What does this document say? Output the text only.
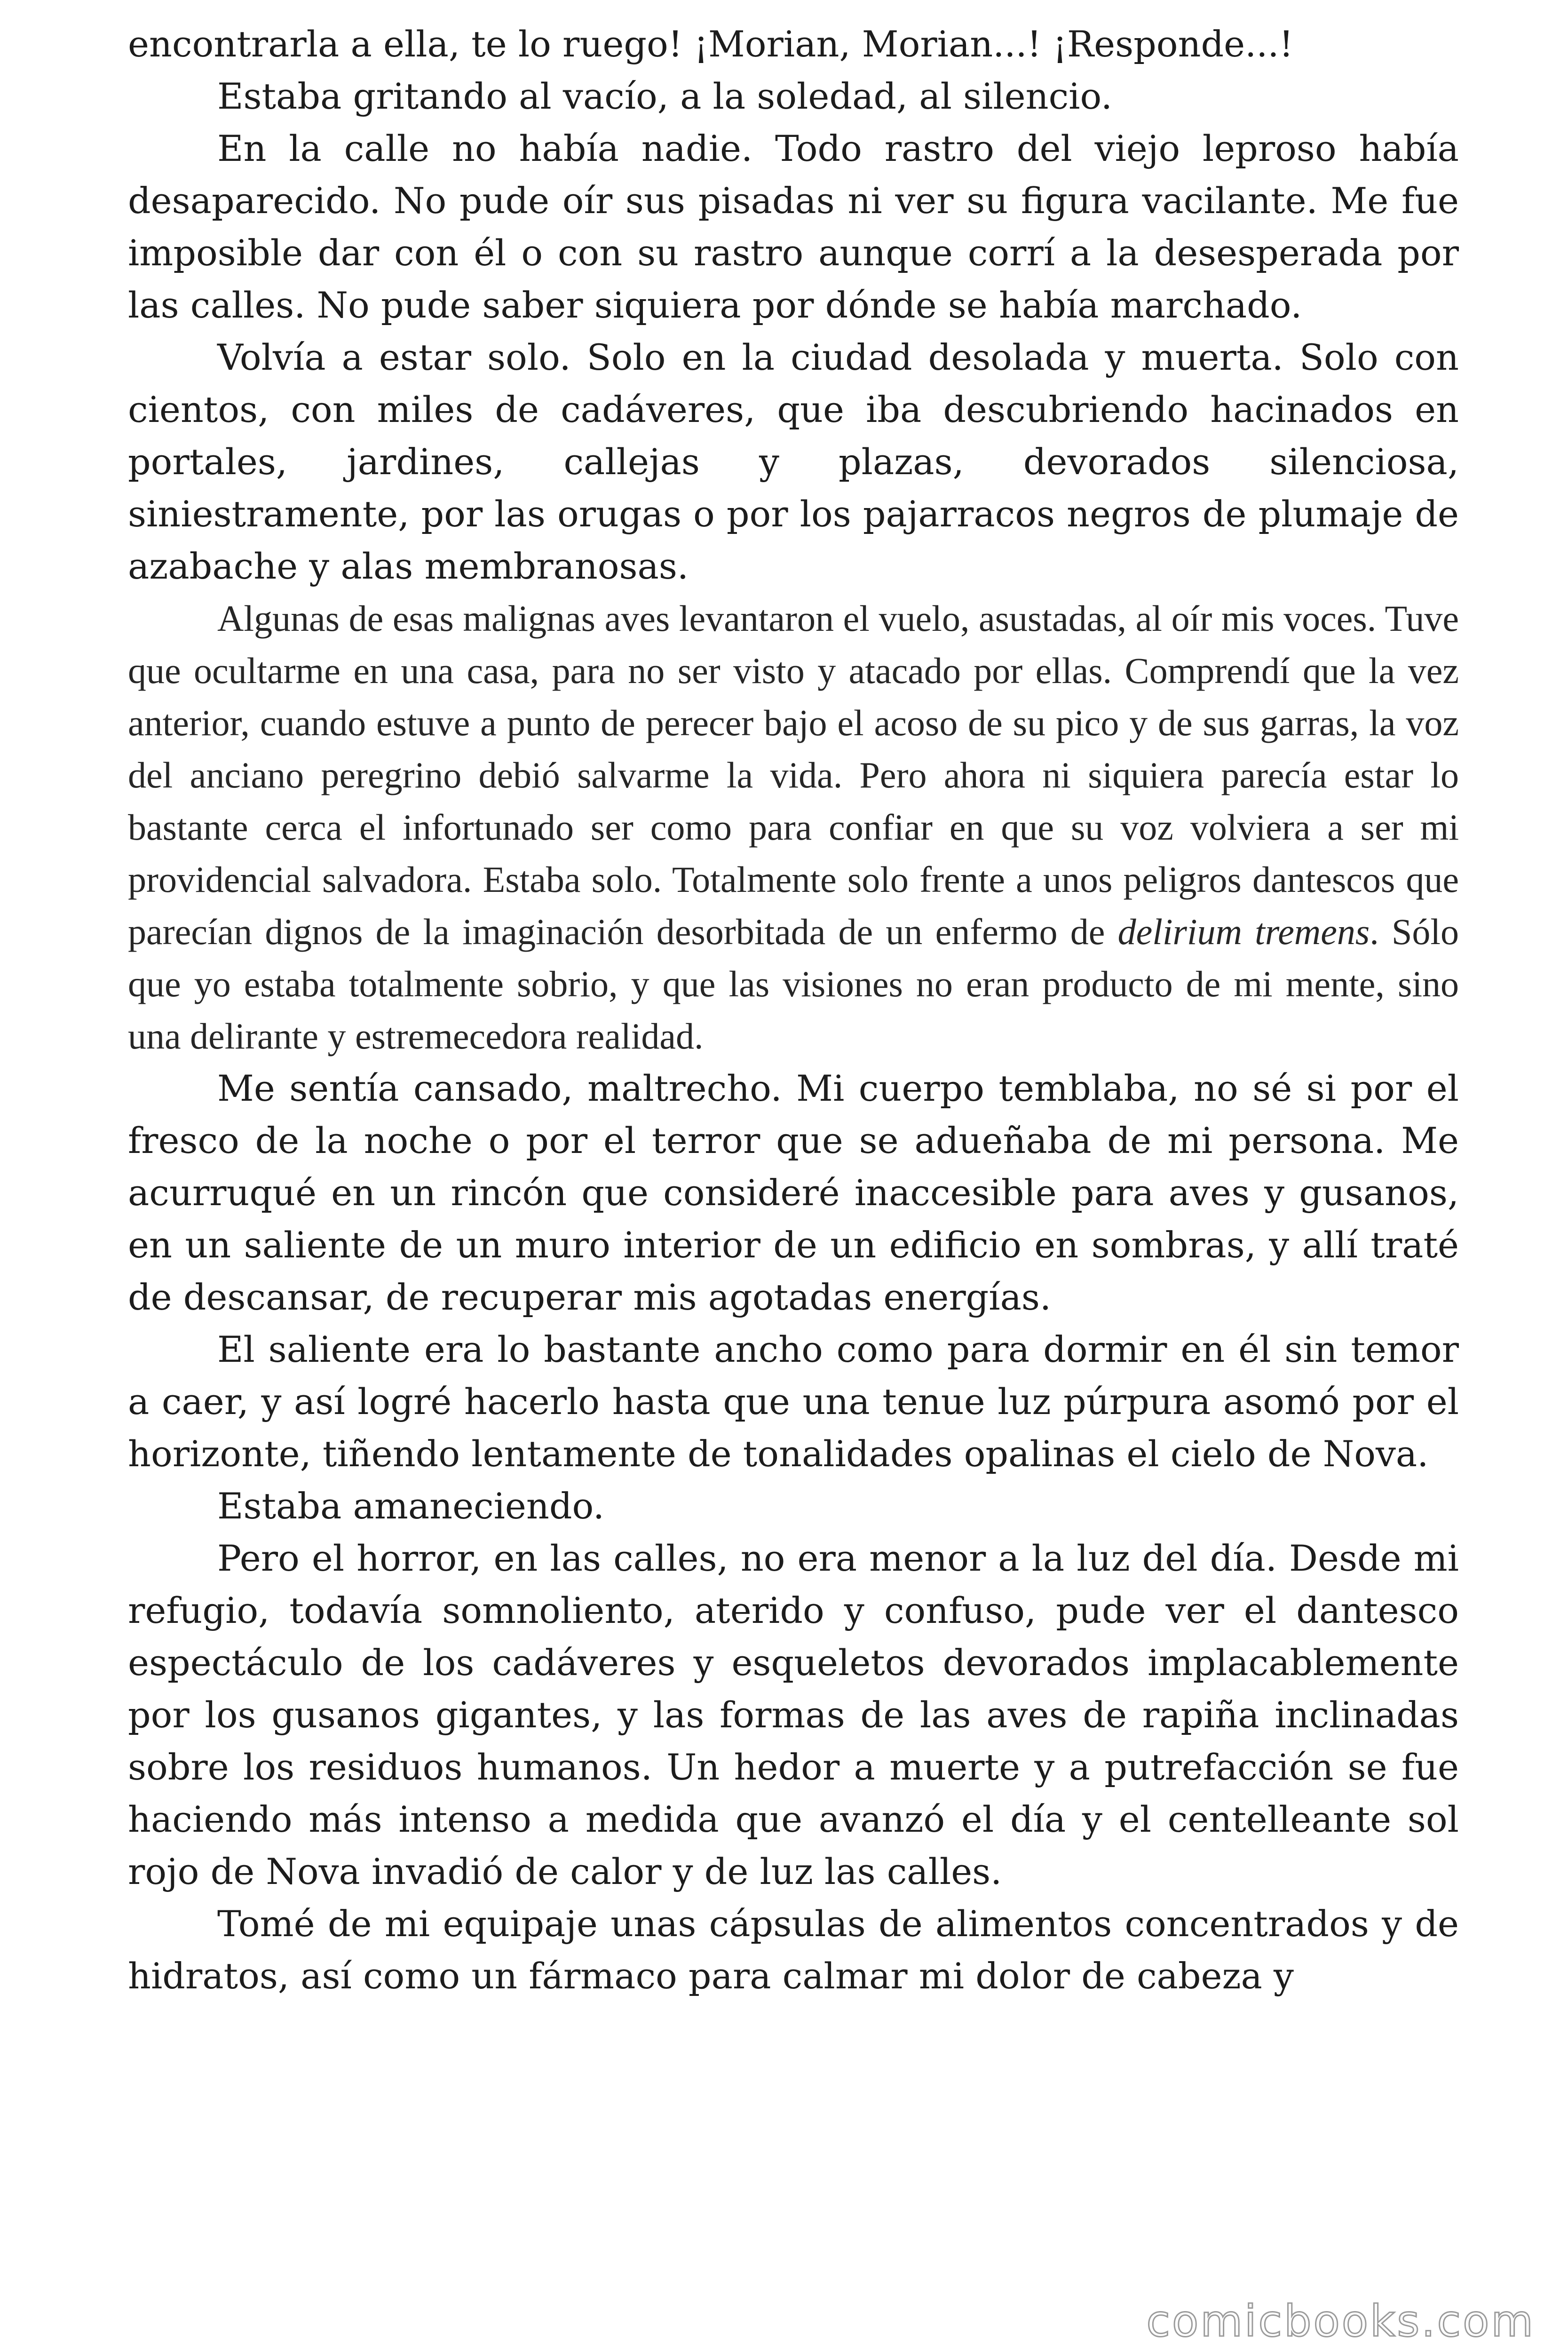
encontrarla a ella, te lo ruego! ¡Morian, Morian...! ¡Responde...!

Estaba gritando al vacío, a la soledad, al silencio.

En la calle no había nadie. Todo rastro del viejo leproso había desaparecido. No pude oír sus pisadas ni ver su figura vacilante. Me fue imposible dar con él o con su rastro aunque corrí a la desesperada por las calles. No pude saber siquiera por dónde se había marchado.

Volvía a estar solo. Solo en la ciudad desolada y muerta. Solo con cientos, con miles de cadáveres, que iba descubriendo hacinados en portales, jardines, callejas y plazas, devorados silenciosa, siniestramente, por las orugas o por los pajarracos negros de plumaje de azabache y alas membranosas.

Algunas de esas malignas aves levantaron el vuelo, asustadas, al oír mis voces. Tuve que ocultarme en una casa, para no ser visto y atacado por ellas. Comprendí que la vez anterior, cuando estuve a punto de perecer bajo el acoso de su pico y de sus garras, la voz del anciano peregrino debió salvarme la vida. Pero ahora ni siquiera parecía estar lo bastante cerca el infortunado ser como para confiar en que su voz volviera a ser mi providencial salvadora. Estaba solo. Totalmente solo frente a unos peligros dantescos que parecían dignos de la imaginación desorbitada de un enfermo de delirium tremens. Sólo que yo estaba totalmente sobrio, y que las visiones no eran producto de mi mente, sino una delirante y estremecedora realidad.

Me sentía cansado, maltrecho. Mi cuerpo temblaba, no sé si por el fresco de la noche o por el terror que se adueñaba de mi persona. Me acurruqué en un rincón que consideré inaccesible para aves y gusanos, en un saliente de un muro interior de un edificio en sombras, y allí traté de descansar, de recuperar mis agotadas energías.

El saliente era lo bastante ancho como para dormir en él sin temor a caer, y así logré hacerlo hasta que una tenue luz púrpura asomó por el horizonte, tiñendo lentamente de tonalidades opalinas el cielo de Nova.

Estaba amaneciendo.

Pero el horror, en las calles, no era menor a la luz del día. Desde mi refugio, todavía somnoliento, aterido y confuso, pude ver el dantesco espectáculo de los cadáveres y esqueletos devorados implacablemente por los gusanos gigantes, y las formas de las aves de rapiña inclinadas sobre los residuos humanos. Un hedor a muerte y a putrefacción se fue haciendo más intenso a medida que avanzó el día y el centelleante sol rojo de Nova invadió de calor y de luz las calles.

Tomé de mi equipaje unas cápsulas de alimentos concentrados y de hidratos, así como un fármaco para calmar mi dolor de cabeza y

comicbooks.com
